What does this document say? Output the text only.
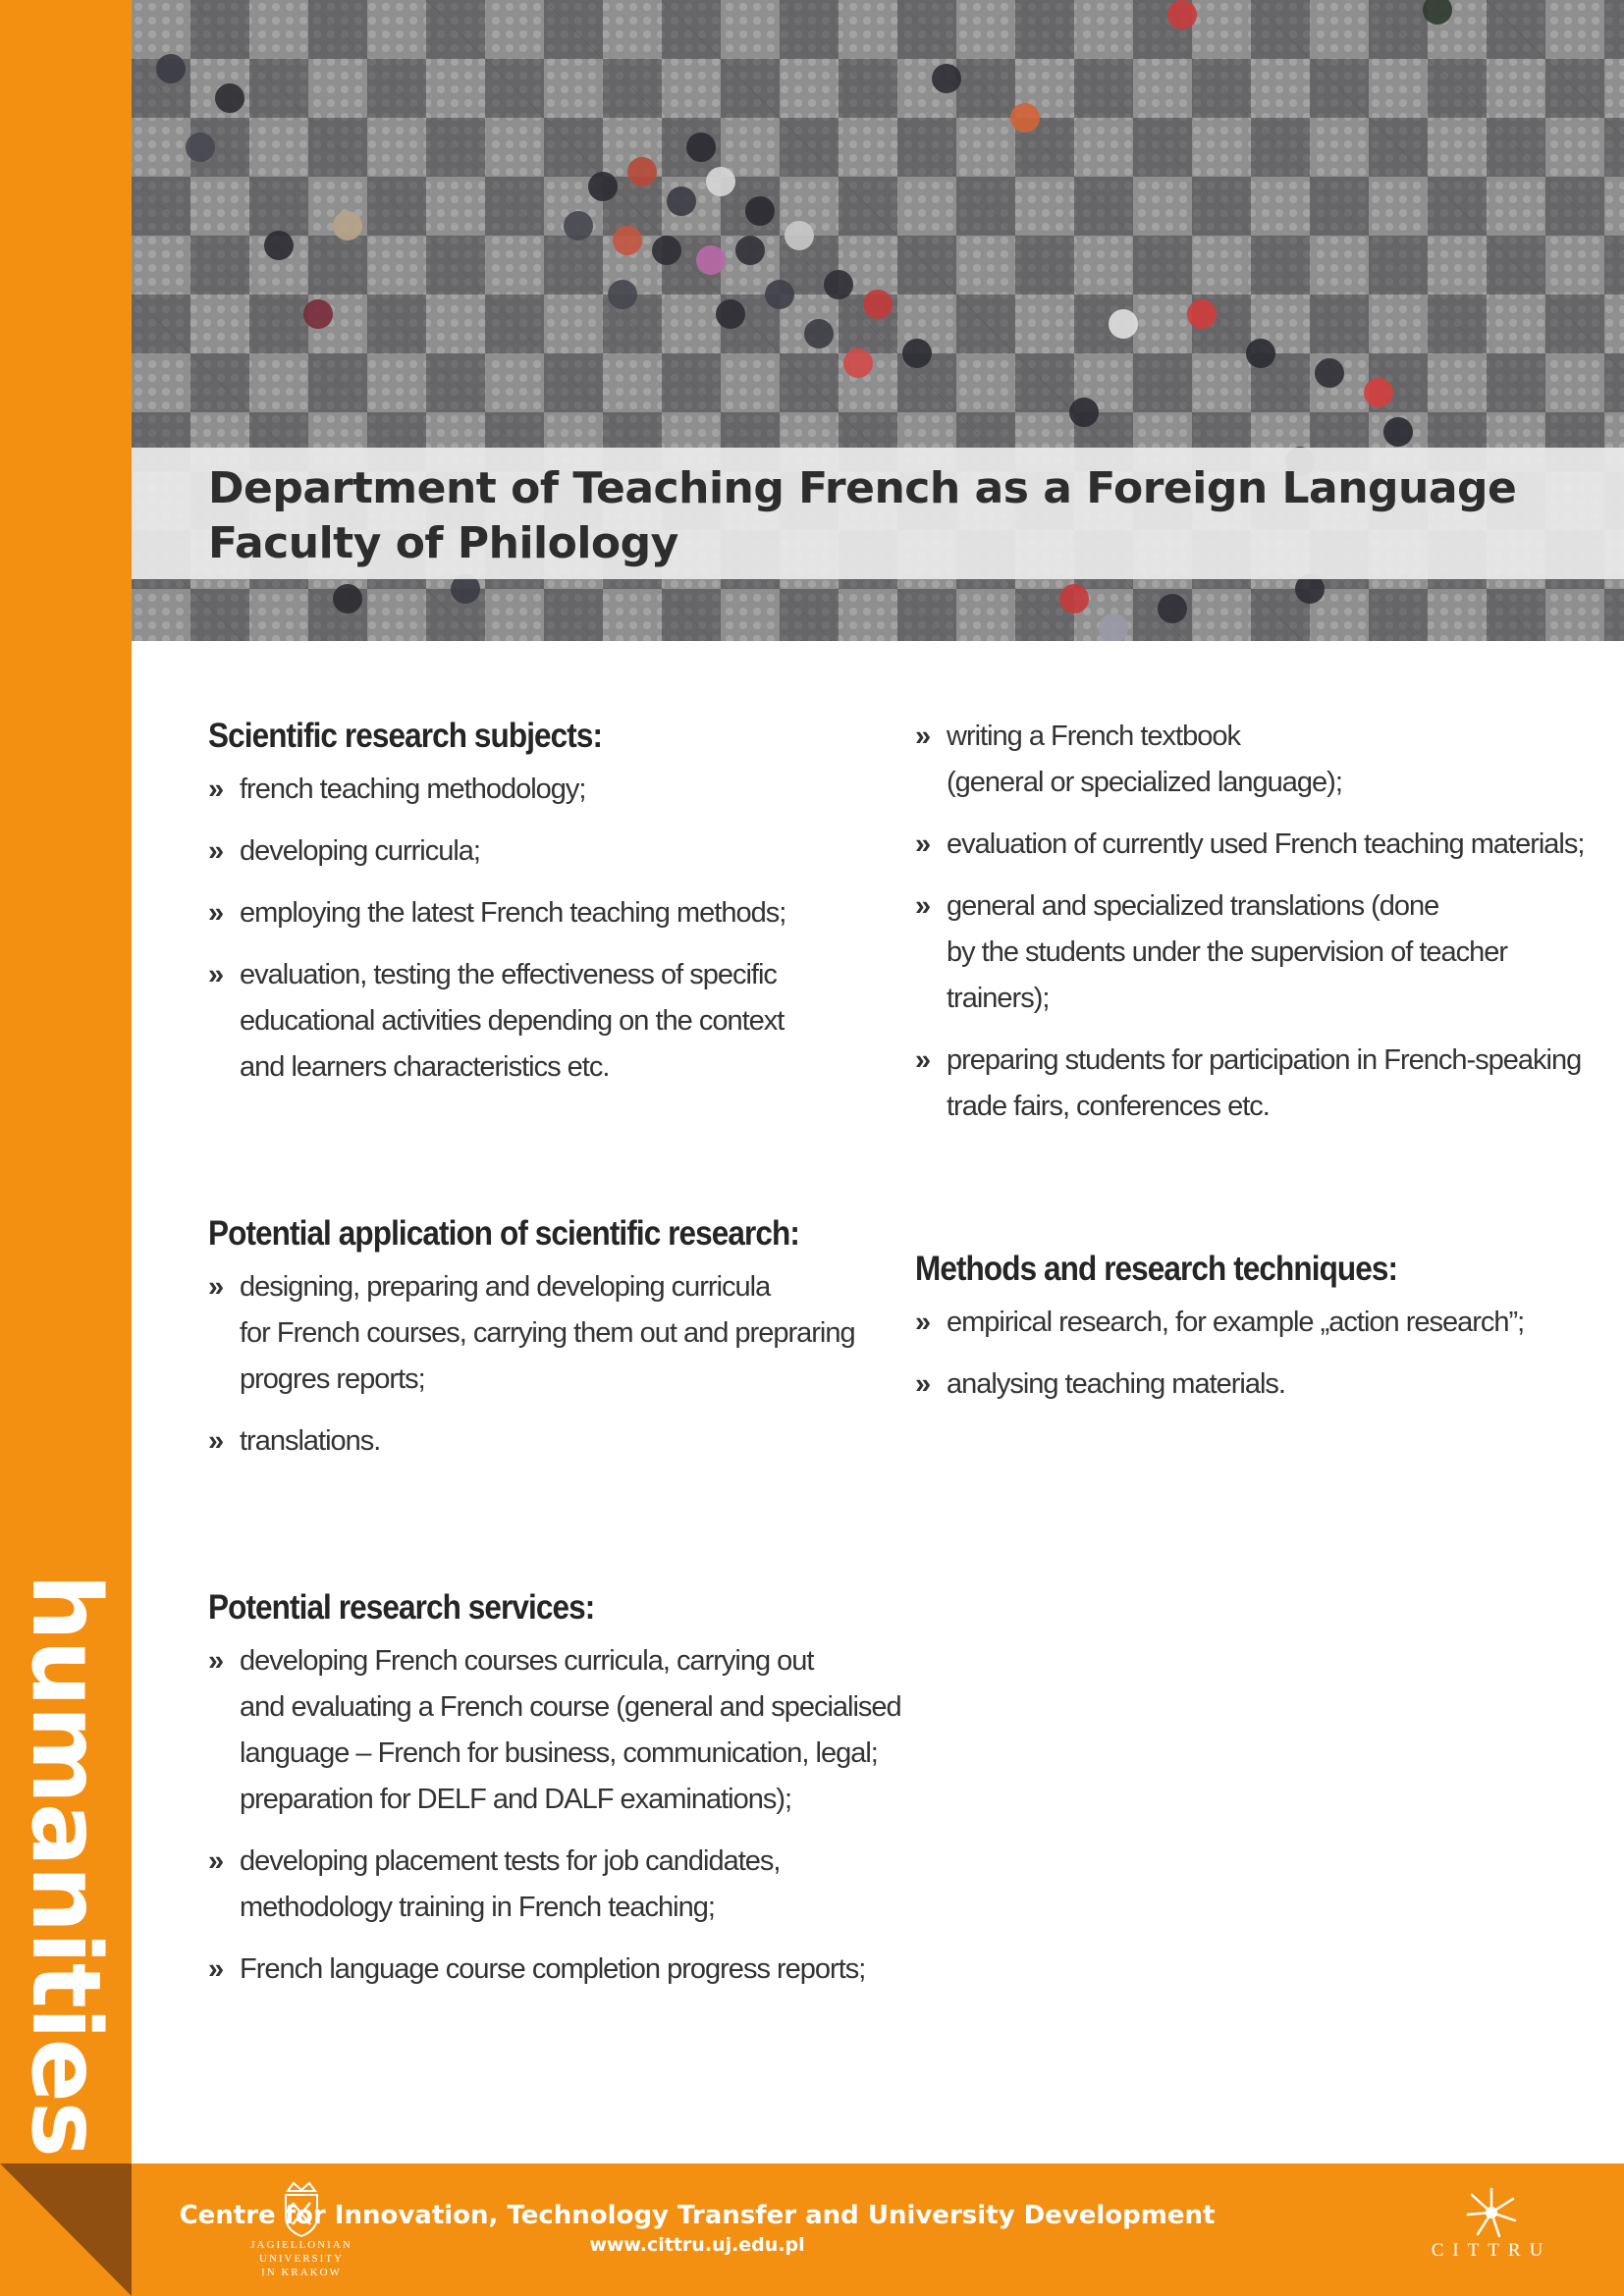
humanities
Department of Teaching French as a Foreign Language
Faculty of Philology
Scientific research subjects:
» french teaching methodology;
» developing curricula;
» employing the latest French teaching methods;
» evaluation, testing the effectiveness of specific
educational activities depending on the context
and learners characteristics etc.
» writing a French textbook
(general or specialized language);
» evaluation of currently used French teaching materials;
» general and specialized translations (done
by the students under the supervision of teacher
trainers);
» preparing students for participation in French-speaking
trade fairs, conferences etc.
Potential application of scientific research:
» designing, preparing and developing curricula
for French courses, carrying them out and prepraring
progres reports;
» translations.
Methods and research techniques:
» empirical research, for example „action research”;
» analysing teaching materials.
Potential research services:
» developing French courses curricula, carrying out
and evaluating a French course (general and specialised
language – French for business, communication, legal;
preparation for DELF and DALF examinations);
» developing placement tests for job candidates,
methodology training in French teaching;
» French language course completion progress reports;
JAGIELLONIAN UNIVERSITY
IN KRAKOW
Centre for Innovation, Technology Transfer and University Development
www.cittru.uj.edu.pl	CITTRU
